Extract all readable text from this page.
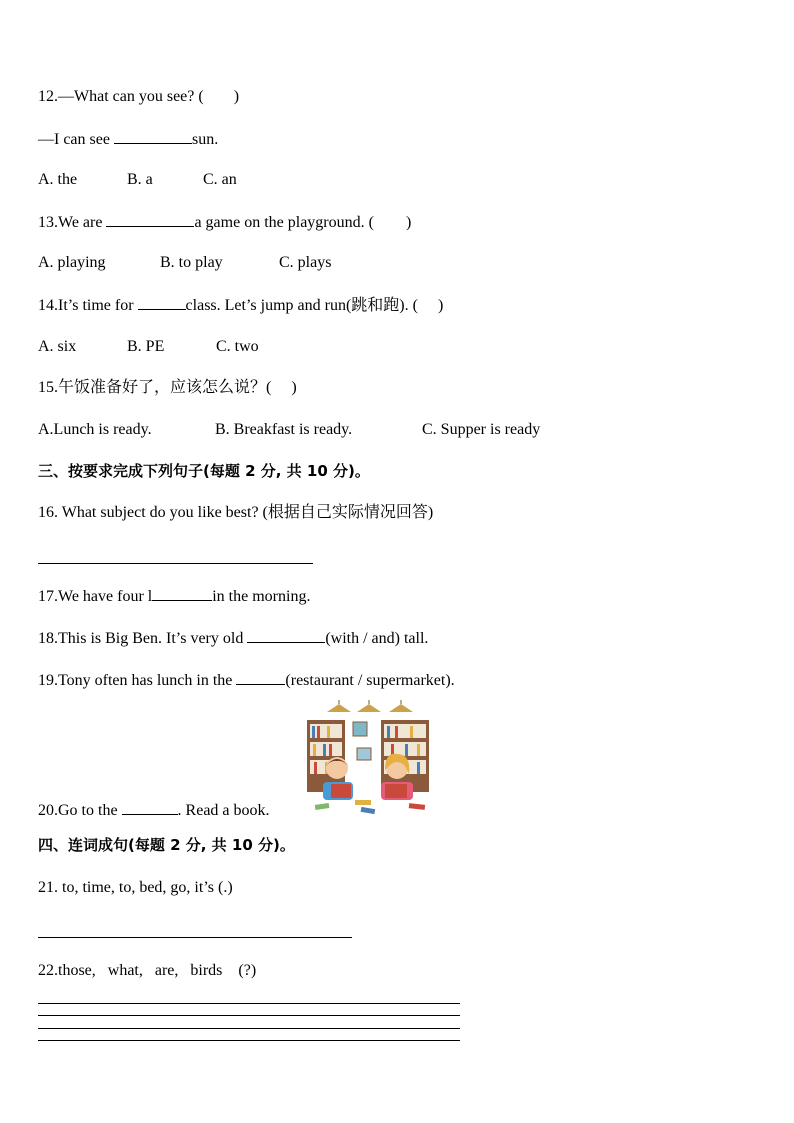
12.—What can you see? ( )
—I can see	sun.
A. the	B. a	C. an
13.We are	a game on the playground. ( )
A. playing	B. to play	C. plays
14.It’s time for	class. Let’s jump and run(跳和跑). ( )
A. six	B. PE	C. two
15.午饭准备好了，应该怎么说？( )
A.Lunch is ready.	B. Breakfast is ready.	C. Supper is ready
三、按要求完成下列句子(每题 2 分, 共 10 分)。
16. What subject do you like best? (根据自己实际情况回答)
17.We have four l	in the morning.
18.This is Big Ben. It’s very old	(with / and) tall.
19.Tony often has lunch in the	(restaurant / supermarket).
20.Go to the	. Read a book.
四、连词成句(每题 2 分, 共 10 分)。
21. to, time, to, bed, go, it’s (.)
22.those,   what,   are,   birds    (?)
